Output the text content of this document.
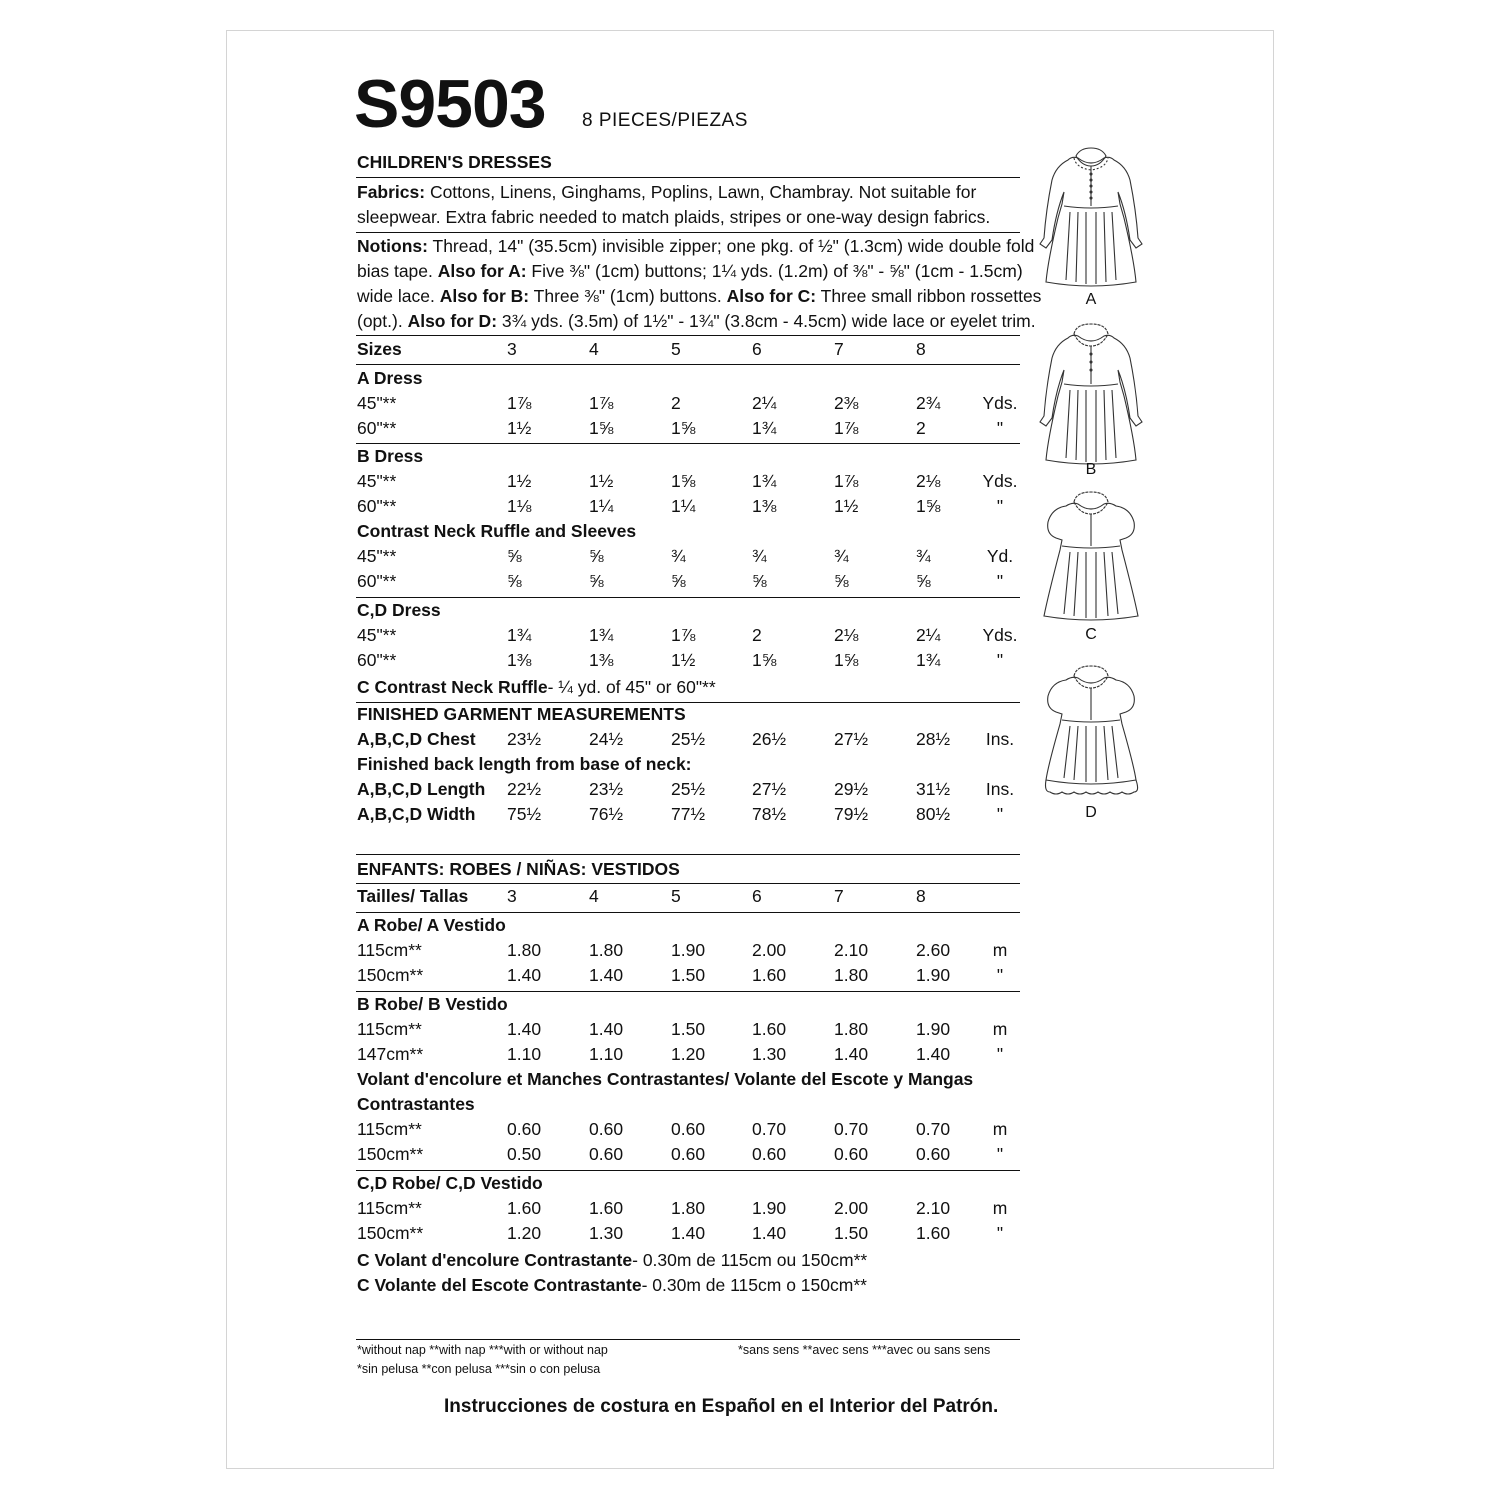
S9503 8 PIECES/PIEZAS
CHILDREN'S DRESSES
Fabrics: Cottons, Linens, Ginghams, Poplins, Lawn, Chambray. Not suitable for
sleepwear. Extra fabric needed to match plaids, stripes or one-way design fabrics.
Notions: Thread, 14" (35.5cm) invisible zipper; one pkg. of ½" (1.3cm) wide double fold
bias tape. Also for A: Five ⅜" (1cm) buttons; 1¼ yds. (1.2m) of ⅜" - ⅝" (1cm - 1.5cm)
wide lace. Also for B: Three ⅜" (1cm) buttons. Also for C: Three small ribbon rossettes
(opt.). Also for D: 3¾ yds. (3.5m) of 1½" - 1¾" (3.8cm - 4.5cm) wide lace or eyelet trim.
Sizes	3	4	5	6	7	8
A Dress
45"**	1⅞	1⅞	2	2¼	2⅜	2¾ Yds.
60"**	1½	1⅝	1⅝	1¾	1⅞	2	"
B Dress
45"**	1½	1½	1⅝	1¾	1⅞	2⅛ Yds.
60"**	1⅛	1¼	1¼	1⅜	1½	1⅝	"
Contrast Neck Ruffle and Sleeves
45"**	⅝	⅝	¾	¾	¾	¾	Yd.
60"**	⅝	⅝	⅝	⅝	⅝	⅝	"
C,D Dress
45"**	1¾	1¾	1⅞	2	2⅛	2¼ Yds.
60"**	1⅜	1⅜	1½	1⅝	1⅝	1¾	"
C Contrast Neck Ruffle- ¼ yd. of 45" or 60"**
FINISHED GARMENT MEASUREMENTS
A,B,C,D Chest 23½	24½	25½	26½	27½	28½	Ins.
Finished back length from base of neck:
A,B,C,D Length 22½	23½	25½	27½	29½	31½	Ins.
A,B,C,D Width 75½	76½	77½	78½	79½	80½	"
ENFANTS: ROBES / NIÑAS: VESTIDOS
Tailles/ Tallas 3	4	5	6	7	8
A Robe/ A Vestido
115cm**	1.80	1.80	1.90	2.00	2.10	2.60	m
150cm**	1.40	1.40	1.50	1.60	1.80	1.90	"
B Robe/ B Vestido
115cm**	1.40	1.40	1.50	1.60	1.80	1.90	m
147cm**	1.10	1.10	1.20	1.30	1.40	1.40	"
Volant d'encolure et Manches Contrastantes/ Volante del Escote y Mangas
Contrastantes
115cm**	0.60	0.60	0.60	0.70	0.70	0.70	m
150cm**	0.50	0.60	0.60	0.60	0.60	0.60	"
C,D Robe/ C,D Vestido
115cm**	1.60	1.60	1.80	1.90	2.00	2.10	m
150cm**	1.20	1.30	1.40	1.40	1.50	1.60	"
C Volant d'encolure Contrastante- 0.30m de 115cm ou 150cm**
C Volante del Escote Contrastante- 0.30m de 115cm o 150cm**
*without nap **with nap ***with or without nap
*sin pelusa **con pelusa ***sin o con pelusa
*sans sens **avec sens ***avec ou sans sens
Instrucciones de costura en Español en el Interior del Patrón.
A
B
C
D
